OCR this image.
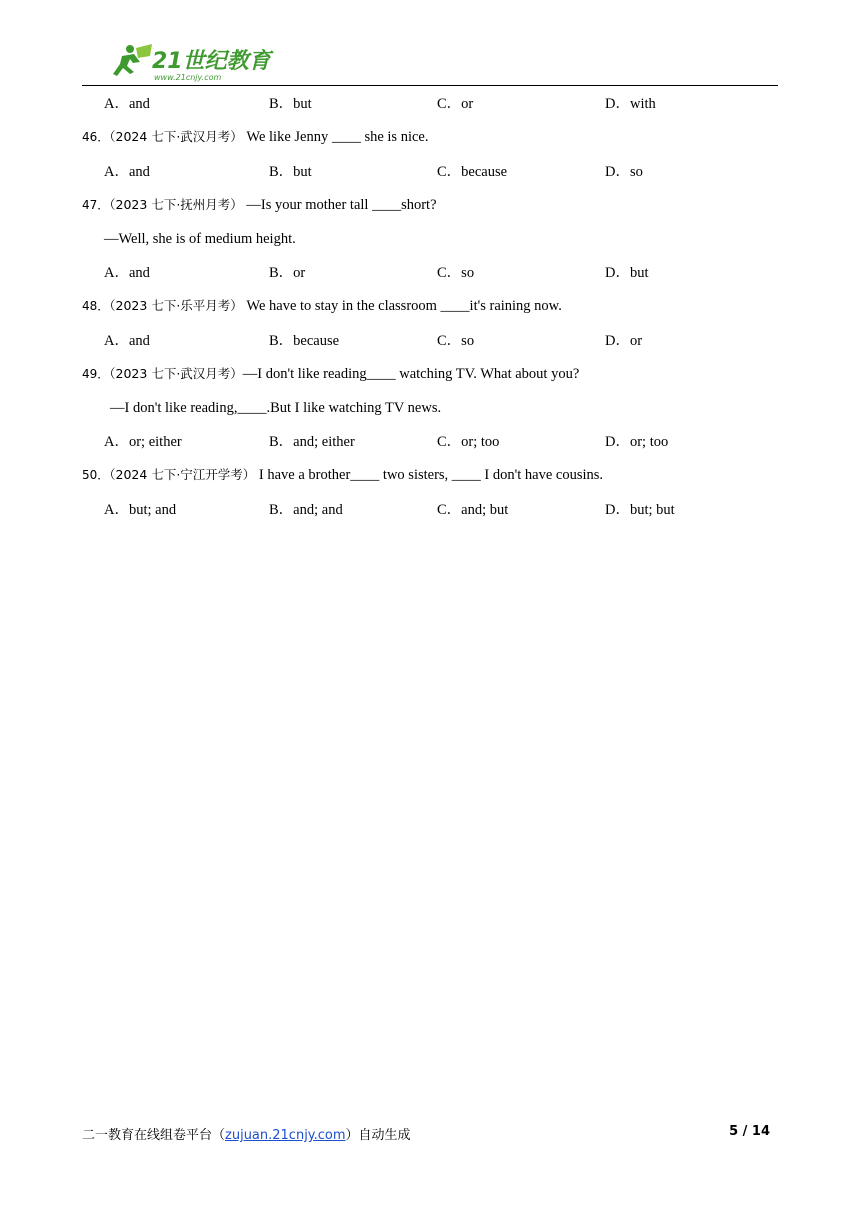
21世纪教育
www.21cnjy.com
A．and	B．but	C．or	D．with
46．（2024 七下·武汉月考） We like Jenny ____ she is nice.
A．and	B．but	C．because	D．so
47．（2023 七下·抚州月考） —Is your mother tall ____short?
—Well, she is of medium height.
A．and	B．or	C．so	D．but
48．（2023 七下·乐平月考） We have to stay in the classroom ____it's raining now.
A．and	B．because	C．so	D．or
49．（2023 七下·武汉月考）—I don't like reading____ watching TV. What about you?
—I don't like reading,____.But I like watching TV news.
A．or; either	B．and; either	C．or; too	D．or; too
50．（2024 七下·宁江开学考） I have a brother____ two sisters, ____ I don't have cousins.
A．but; and	B．and; and	C．and; but	D．but; but
二一教育在线组卷平台（zujuan.21cnjy.com）自动生成	5 / 14
